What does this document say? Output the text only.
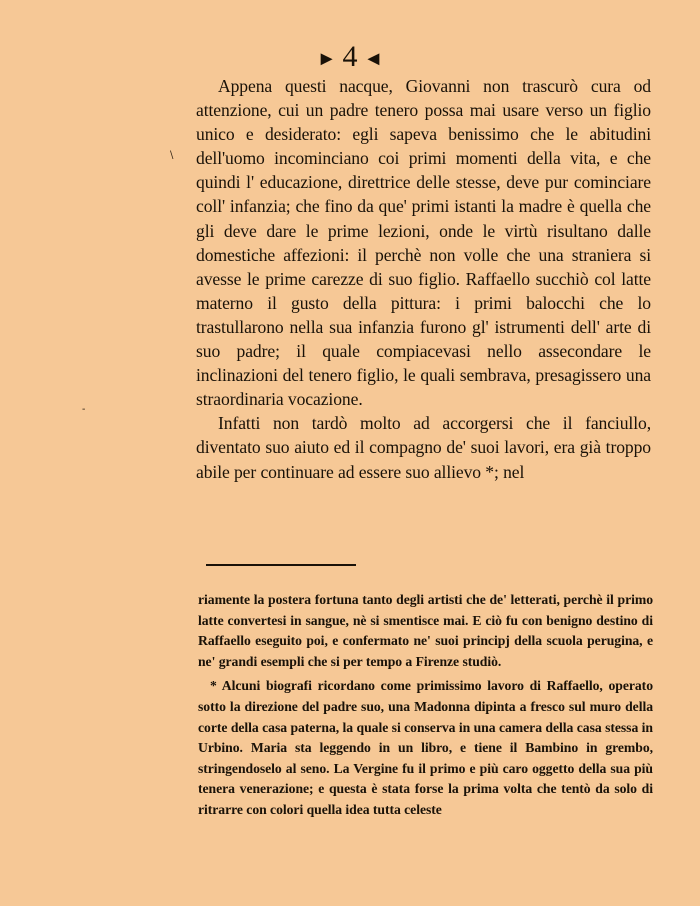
► 4 ◄

Appena questi nacque, Giovanni non trascurò cura od attenzione, cui un padre tenero possa mai usare verso un figlio unico e desiderato: egli sapeva benissimo che le abitudini dell'uomo incominciano coi primi momenti della vita, e che quindi l' educazione, direttrice delle stesse, deve pur cominciare coll' infanzia; che fino da que' primi istanti la madre è quella che gli deve dare le prime lezioni, onde le virtù risultano dalle domestiche affezioni: il perchè non volle che una straniera si avesse le prime carezze di suo figlio. Raffaello succhiò col latte materno il gusto della pittura: i primi balocchi che lo trastullarono nella sua infanzia furono gl' istrumenti dell' arte di suo padre; il quale compiacevasi nello assecondare le inclinazioni del tenero figlio, le quali sembrava, presagissero una straordinaria vocazione.

Infatti non tardò molto ad accorgersi che il fanciullo, diventato suo aiuto ed il compagno de' suoi lavori, era già troppo abile per continuare ad essere suo allievo *; nel

riamente la postera fortuna tanto degli artisti che de' letterati, perchè il primo latte convertesi in sangue, nè si smentisce mai. E ciò fu con benigno destino di Raffaello eseguito poi, e confermato ne' suoi principj della scuola perugina, e ne' grandi esempli che si per tempo a Firenze studiò.

* Alcuni biografi ricordano come primissimo lavoro di Raffaello, operato sotto la direzione del padre suo, una Madonna dipinta a fresco sul muro della corte della casa paterna, la quale si conserva in una camera della casa stessa in Urbino. Maria sta leggendo in un libro, e tiene il Bambino in grembo, stringendoselo al seno. La Vergine fu il primo e più caro oggetto della sua più tenera venerazione; e questa è stata forse la prima volta che tentò da solo di ritrarre con colori quella idea tutta celeste

\
-
